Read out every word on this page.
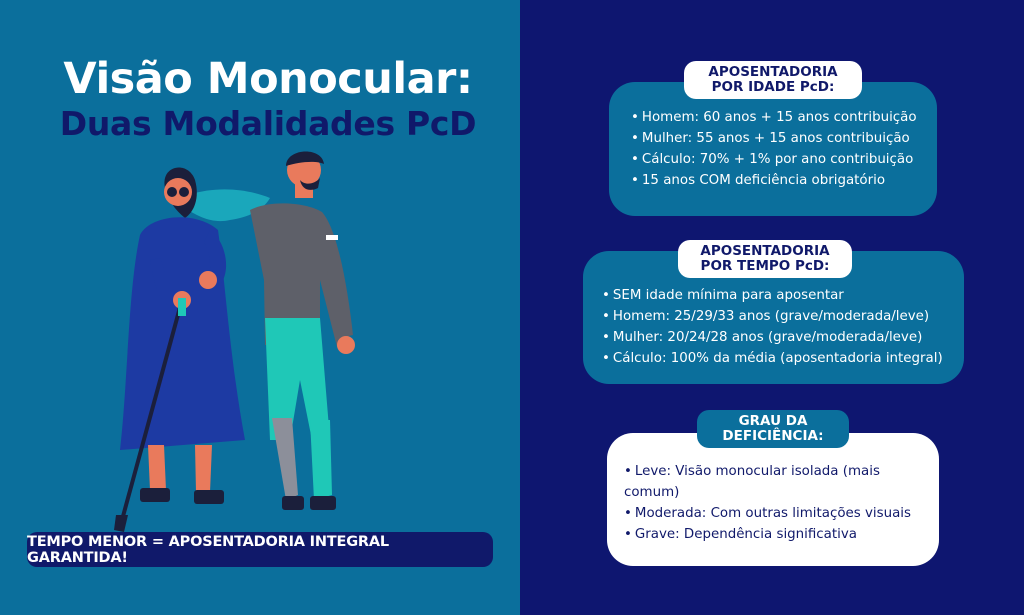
Visão Monocular:
Duas Modalidades PcD
TEMPO MENOR = APOSENTADORIA INTEGRAL GARANTIDA!
• Homem: 60 anos + 15 anos contribuição
• Mulher: 55 anos + 15 anos contribuição
• Cálculo: 70% + 1% por ano contribuição
• 15 anos COM deficiência obrigatório
APOSENTADORIA
POR IDADE PcD:
• SEM idade mínima para aposentar
• Homem: 25/29/33 anos (grave/moderada/leve)
• Mulher: 20/24/28 anos (grave/moderada/leve)
• Cálculo: 100% da média (aposentadoria integral)
APOSENTADORIA
POR TEMPO PcD:
• Leve: Visão monocular isolada (mais comum)
• Moderada: Com outras limitações visuais
• Grave: Dependência significativa
GRAU DA
DEFICIÊNCIA:
